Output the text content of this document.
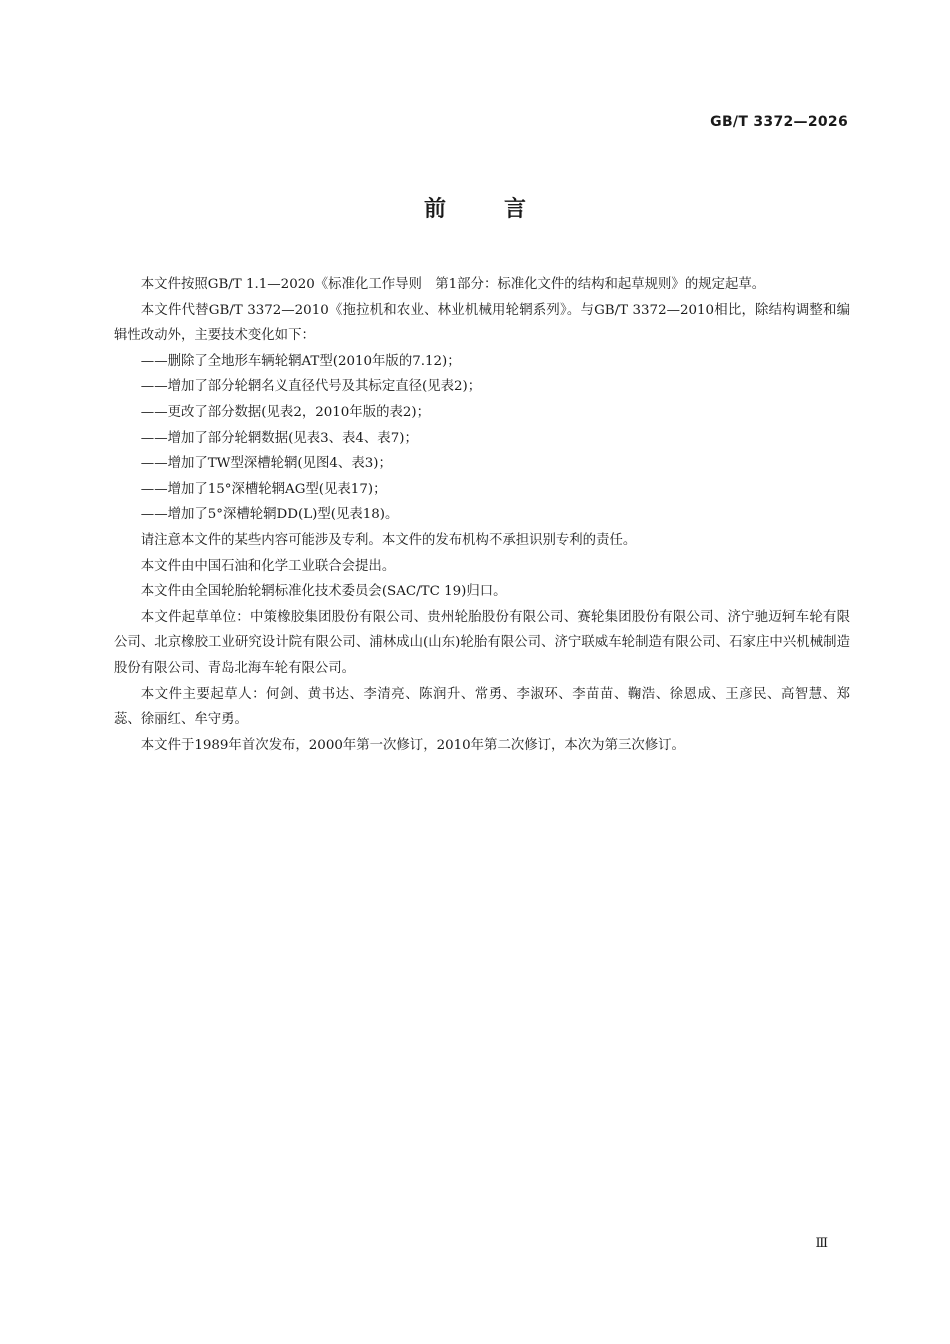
GB/T 3372—2026
前	言

本文件按照GB/T 1.1—2020《标准化工作导则　第1部分：标准化文件的结构和起草规则》的规定起草。

本文件代替GB/T 3372—2010《拖拉机和农业、林业机械用轮辋系列》。与GB/T 3372—2010相比，除结构调整和编辑性改动外，主要技术变化如下：

——删除了全地形车辆轮辋AT型(2010年版的7.12)；

——增加了部分轮辋名义直径代号及其标定直径(见表2)；

——更改了部分数据(见表2，2010年版的表2)；

——增加了部分轮辋数据(见表3、表4、表7)；

——增加了TW型深槽轮辋(见图4、表3)；

——增加了15°深槽轮辋AG型(见表17)；

——增加了5°深槽轮辋DD(L)型(见表18)。

请注意本文件的某些内容可能涉及专利。本文件的发布机构不承担识别专利的责任。

本文件由中国石油和化学工业联合会提出。

本文件由全国轮胎轮辋标准化技术委员会(SAC/TC 19)归口。

本文件起草单位：中策橡胶集团股份有限公司、贵州轮胎股份有限公司、赛轮集团股份有限公司、济宁驰迈轲车轮有限公司、北京橡胶工业研究设计院有限公司、浦林成山(山东)轮胎有限公司、济宁联威车轮制造有限公司、石家庄中兴机械制造股份有限公司、青岛北海车轮有限公司。

本文件主要起草人：何剑、黄书达、李清亮、陈润升、常勇、李淑环、李苗苗、鞠浩、徐恩成、王彦民、高智慧、郑蕊、徐丽红、牟守勇。

本文件于1989年首次发布，2000年第一次修订，2010年第二次修订，本次为第三次修订。

Ⅲ
